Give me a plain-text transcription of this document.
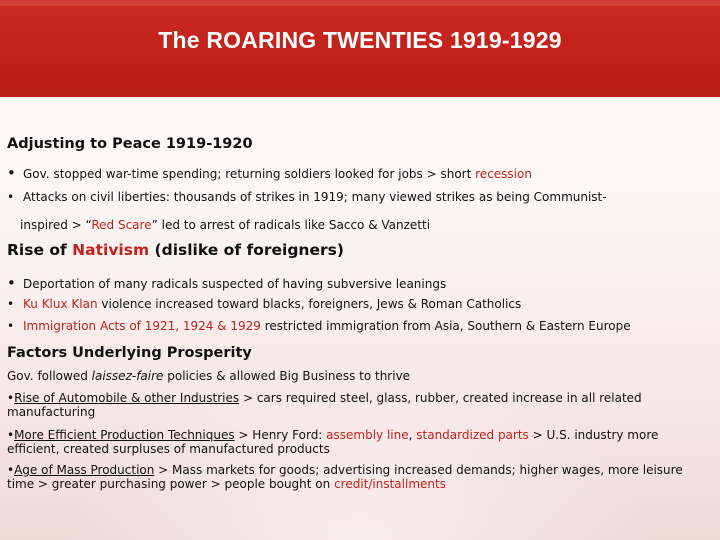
The ROARING TWENTIES 1919-1929
Adjusting to Peace 1919-1920
• Gov. stopped war-time spending; returning soldiers looked for jobs > short recession
• Attacks on civil liberties: thousands of strikes in 1919; many viewed strikes as being Communist-
inspired > “Red Scare” led to arrest of radicals like Sacco & Vanzetti
Rise of Nativism (dislike of foreigners)
• Deportation of many radicals suspected of having subversive leanings
• Ku Klux Klan violence increased toward blacks, foreigners, Jews & Roman Catholics
• Immigration Acts of 1921, 1924 & 1929 restricted immigration from Asia, Southern & Eastern Europe
Factors Underlying Prosperity
Gov. followed laissez-faire policies & allowed Big Business to thrive
•Rise of Automobile & other Industries > cars required steel, glass, rubber, created increase in all related manufacturing
•More Efficient Production Techniques > Henry Ford: assembly line, standardized parts > U.S. industry more efficient, created surpluses of manufactured products
•Age of Mass Production > Mass markets for goods; advertising increased demands; higher wages, more leisure time > greater purchasing power > people bought on credit/installments
